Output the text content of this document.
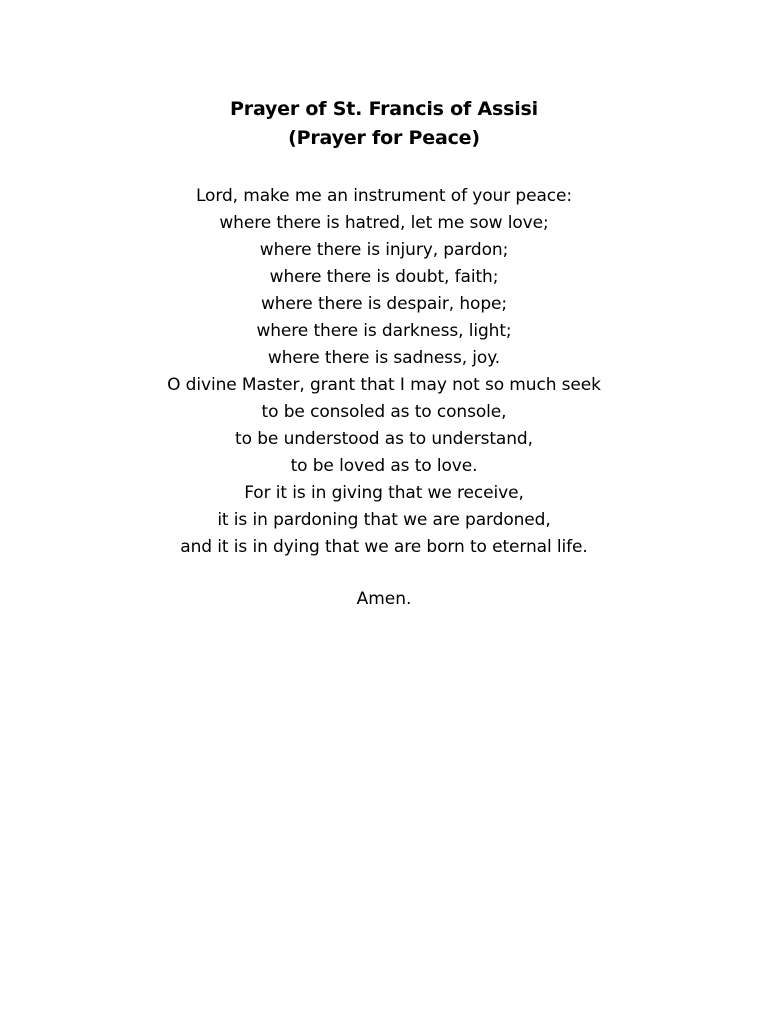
Prayer of St. Francis of Assisi
(Prayer for Peace)
Lord, make me an instrument of your peace:
where there is hatred, let me sow love;
where there is injury, pardon;
where there is doubt, faith;
where there is despair, hope;
where there is darkness, light;
where there is sadness, joy.
O divine Master, grant that I may not so much seek
to be consoled as to console,
to be understood as to understand,
to be loved as to love.
For it is in giving that we receive,
it is in pardoning that we are pardoned,
and it is in dying that we are born to eternal life.
Amen.
